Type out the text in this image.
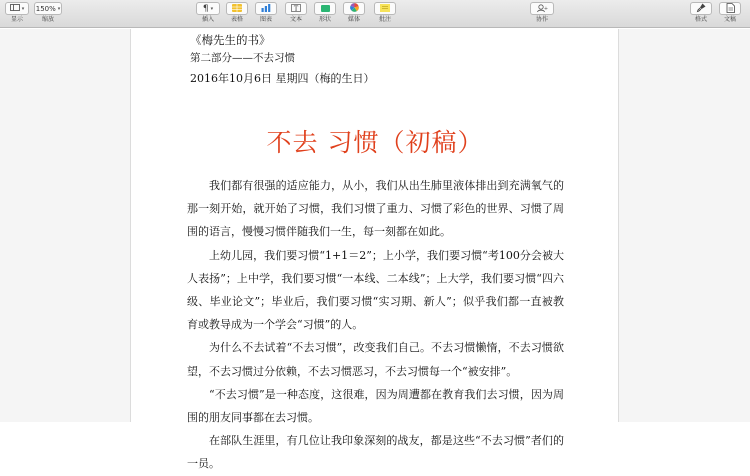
▾
显示
150% ▾
缩放
¶ ▾
插入	表格	图表
T
文本	形状	媒体	批注
+
协作	格式	文稿
《梅先生的书》
第二部分——不去习惯
2016年10月6日 星期四（梅的生日）
不去 习惯（初稿）

我们都有很强的适应能力，从小，我们从出生肺里液体排出到充满氧气的那一刻开始，就开始了习惯，我们习惯了重力、习惯了彩色的世界、习惯了周围的语言，慢慢习惯伴随我们一生，每一刻都在如此。

上幼儿园，我们要习惯“1+1＝2”；上小学，我们要习惯“考100分会被大人表扬”；上中学，我们要习惯“一本线、二本线”；上大学，我们要习惯“四六级、毕业论文”；毕业后，我们要习惯“实习期、新人”；似乎我们都一直被教育或教导成为一个学会“习惯”的人。

为什么不去试着“不去习惯”，改变我们自己。不去习惯懒惰，不去习惯欲望，不去习惯过分依赖，不去习惯恶习，不去习惯每一个“被安排”。

“不去习惯”是一种态度，这很难，因为周遭都在教育我们去习惯，因为周围的朋友同事都在去习惯。

在部队生涯里，有几位让我印象深刻的战友，都是这些“不去习惯”者们的一员。
